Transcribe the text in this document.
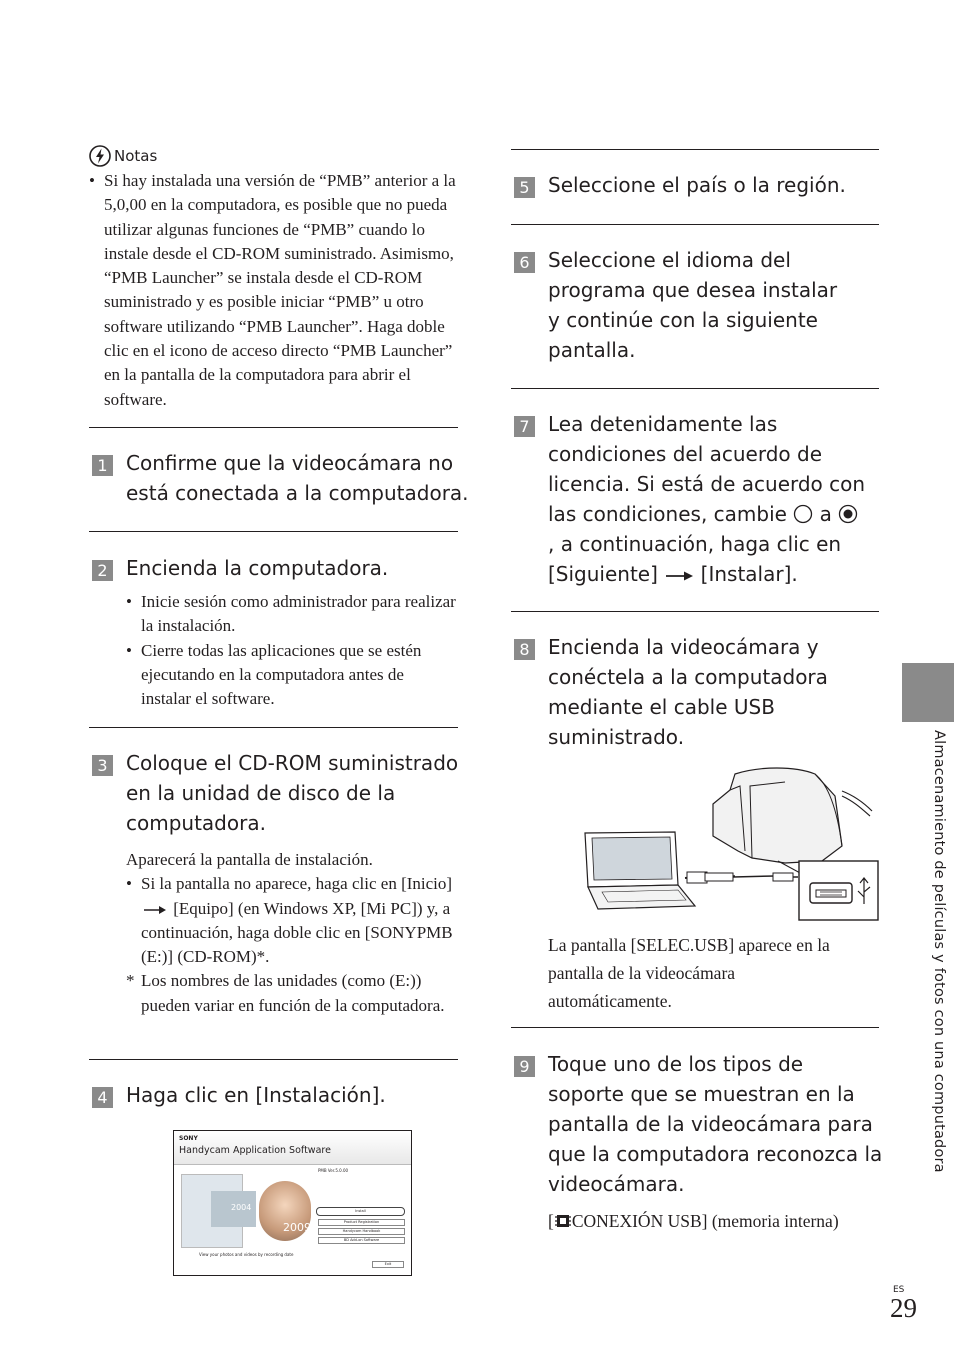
Notas
• Si hay instalada una versión de “PMB” anterior a la 5,0,00 en la computadora, es posible que no pueda utilizar algunas funciones de “PMB” cuando lo instale desde el CD-ROM suministrado. Asimismo, “PMB Launcher” se instala desde el CD-ROM suministrado y es posible iniciar “PMB” u otro software utilizando “PMB Launcher”. Haga doble clic en el icono de acceso directo “PMB Launcher” en la pantalla de la computadora para abrir el software.
1 Confirme que la videocámara no está conectada a la computadora.
2 Encienda la computadora.
• Inicie sesión como administrador para realizar la instalación.
• Cierre todas las aplicaciones que se estén ejecutando en la computadora antes de instalar el software.
3 Coloque el CD-ROM suministrado en la unidad de disco de la computadora.
Aparecerá la pantalla de instalación.
• Si la pantalla no aparece, haga clic en [Inicio]  [Equipo] (en Windows XP, [Mi PC]) y, a continuación, haga doble clic en [SONYPMB (E:)] (CD-ROM)*.
* Los nombres de las unidades (como (E:)) pueden variar en función de la computadora.
4 Haga clic en [Instalación].
SONY
Handycam Application Software
PMB Ver.5.0.00
2004
2009
Install
Product Registration
Handycam Handbook
BD Add-on Software
View your photos and videos by recording date
Exit
5 Seleccione el país o la región.
6 Seleccione el idioma del programa que desea instalar y continúe con la siguiente pantalla.
7 Lea detenidamente las condiciones del acuerdo de licencia. Si está de acuerdo con las condiciones, cambie a  , a continuación, haga clic en [Siguiente] [Instalar].
8 Encienda la videocámara y conéctela a la computadora mediante el cable USB suministrado.
La pantalla [SELEC.USB] aparece en la pantalla de la videocámara automáticamente.
9 Toque uno de los tipos de soporte que se muestran en la pantalla de la videocámara para que la computadora reconozca la videocámara.
[ CONEXIÓN USB] (memoria interna)
Almacenamiento de películas y fotos con una computadora
ES
29
